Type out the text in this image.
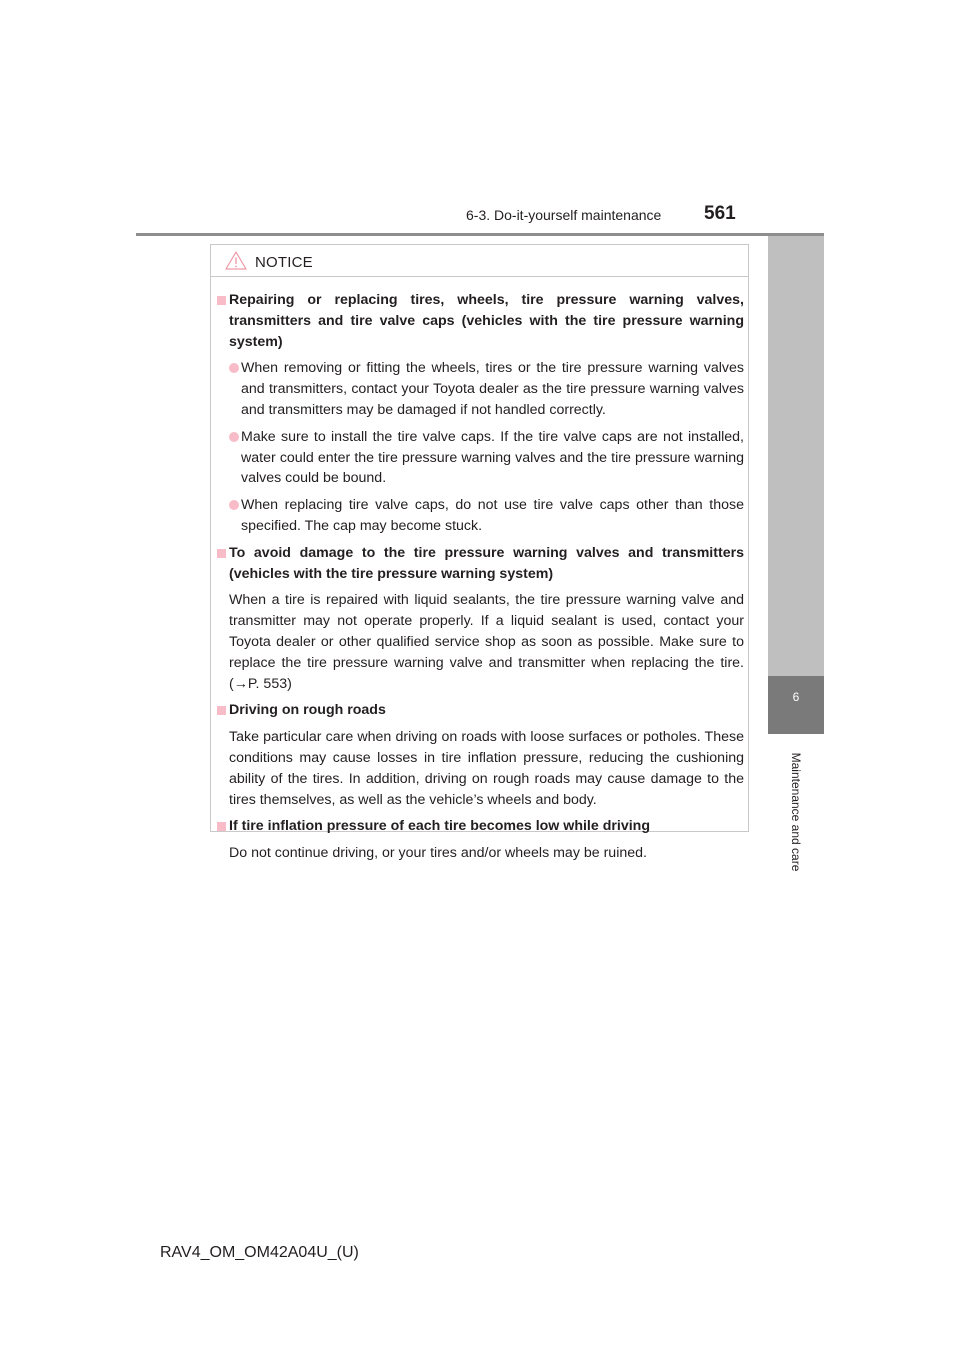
6-3. Do-it-yourself maintenance	561
6
Maintenance and care
NOTICE
Repairing or replacing tires, wheels, tire pressure warning valves, transmitters and tire valve caps (vehicles with the tire pressure warning system)
When removing or fitting the wheels, tires or the tire pressure warning valves and transmitters, contact your Toyota dealer as the tire pressure warning valves and transmitters may be damaged if not handled correctly.
Make sure to install the tire valve caps. If the tire valve caps are not installed, water could enter the tire pressure warning valves and the tire pressure warning valves could be bound.
When replacing tire valve caps, do not use tire valve caps other than those specified. The cap may become stuck.
To avoid damage to the tire pressure warning valves and transmitters (vehicles with the tire pressure warning system)
When a tire is repaired with liquid sealants, the tire pressure warning valve and transmitter may not operate properly. If a liquid sealant is used, contact your Toyota dealer or other qualified service shop as soon as possible. Make sure to replace the tire pressure warning valve and transmitter when replacing the tire. (→P. 553)
Driving on rough roads
Take particular care when driving on roads with loose surfaces or potholes. These conditions may cause losses in tire inflation pressure, reducing the cushioning ability of the tires. In addition, driving on rough roads may cause damage to the tires themselves, as well as the vehicle’s wheels and body.
If tire inflation pressure of each tire becomes low while driving
Do not continue driving, or your tires and/or wheels may be ruined.
RAV4_OM_OM42A04U_(U)
